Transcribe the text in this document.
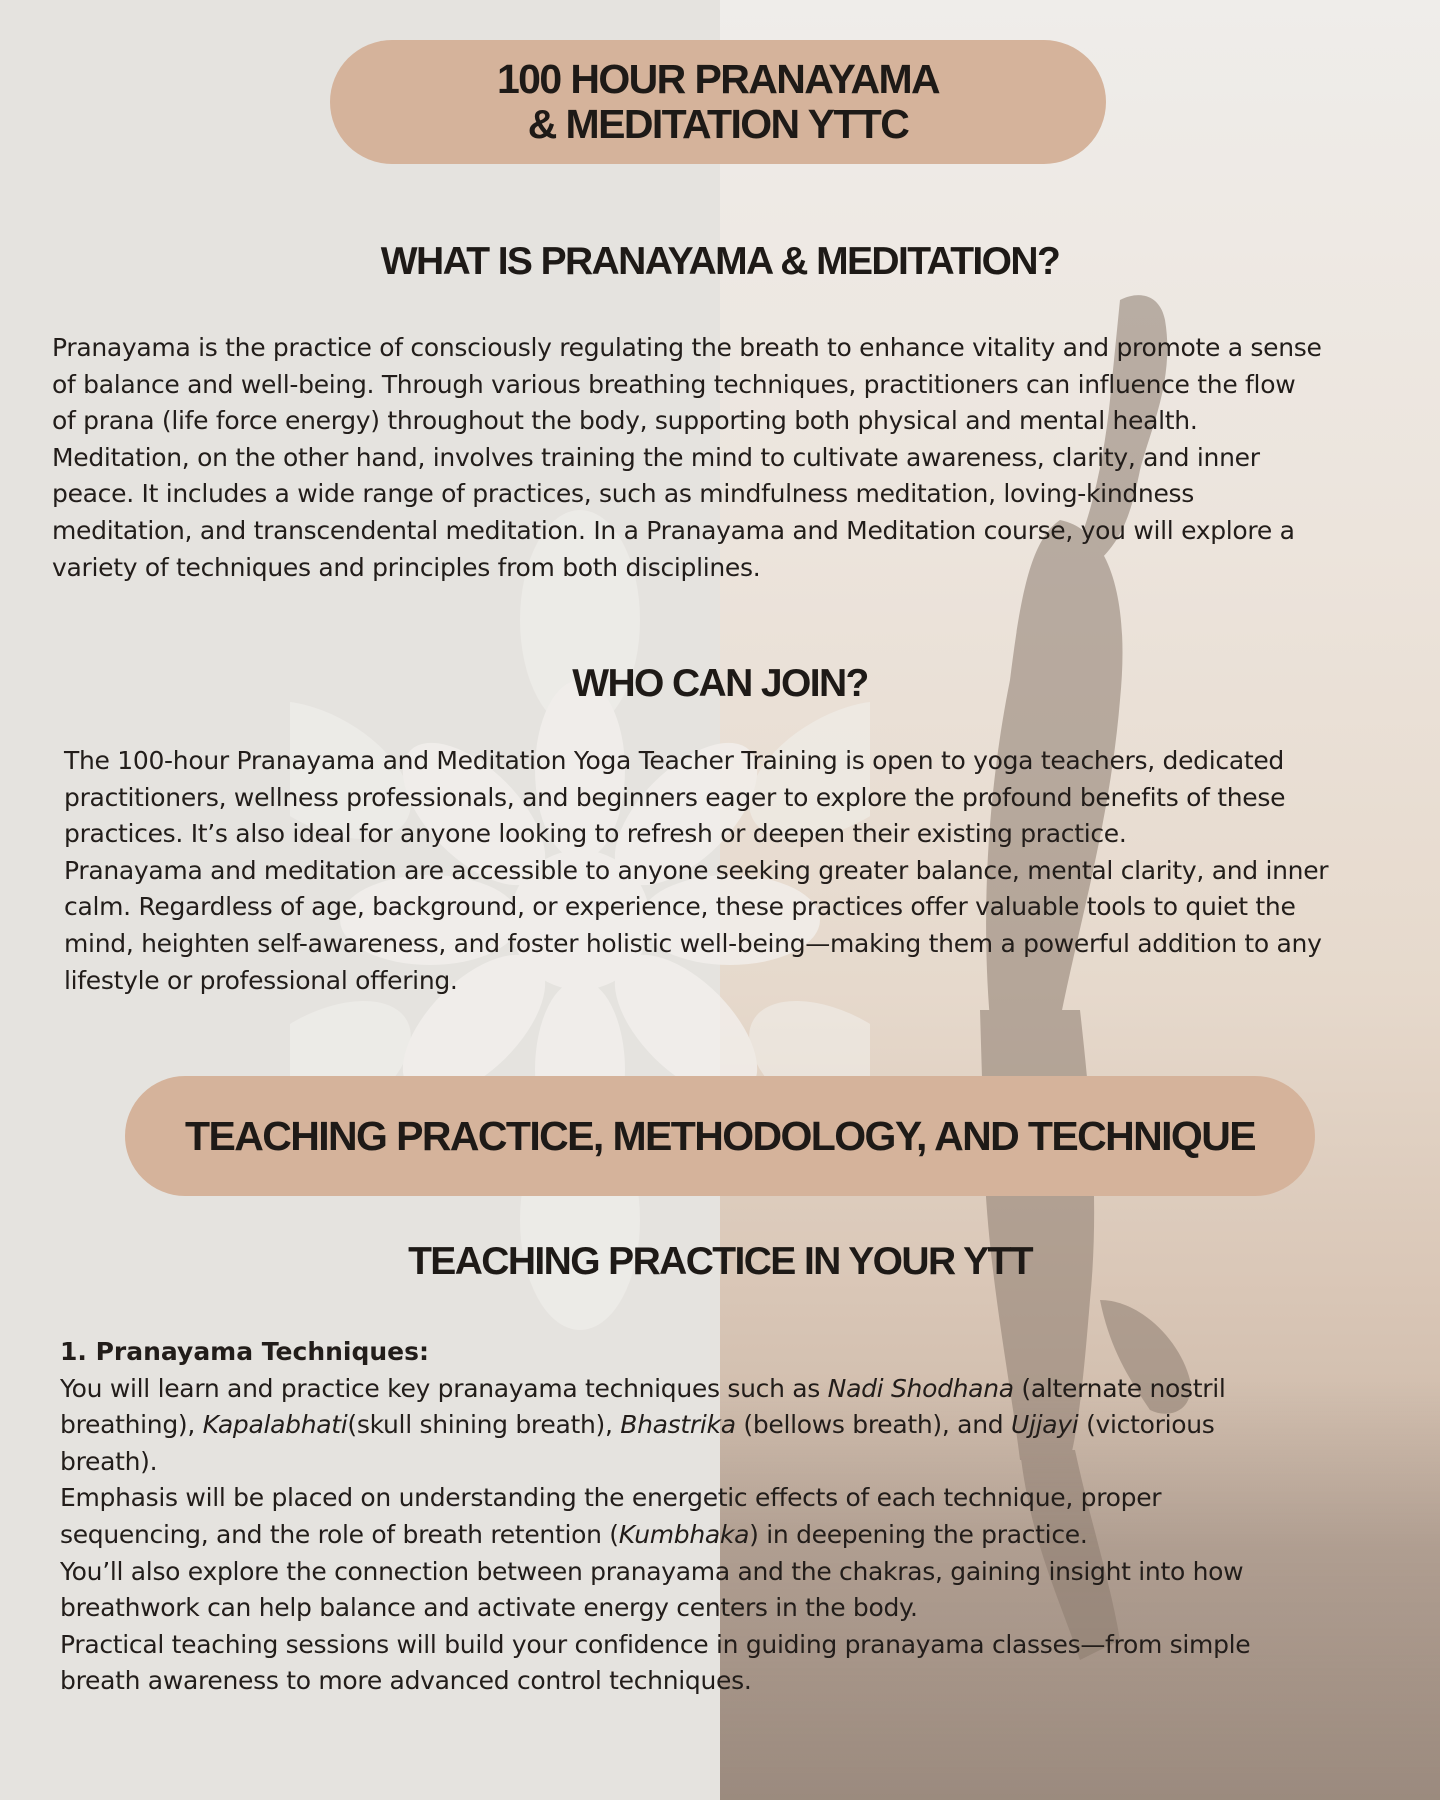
100 HOUR PRANAYAMA
& MEDITATION YTTC
WHAT IS PRANAYAMA & MEDITATION?
Pranayama is the practice of consciously regulating the breath to enhance vitality and promote a sense
of balance and well-being. Through various breathing techniques, practitioners can influence the flow
of prana (life force energy) throughout the body, supporting both physical and mental health.
Meditation, on the other hand, involves training the mind to cultivate awareness, clarity, and inner
peace. It includes a wide range of practices, such as mindfulness meditation, loving-kindness
meditation, and transcendental meditation. In a Pranayama and Meditation course, you will explore a
variety of techniques and principles from both disciplines.
WHO CAN JOIN?
The 100-hour Pranayama and Meditation Yoga Teacher Training is open to yoga teachers, dedicated
practitioners, wellness professionals, and beginners eager to explore the profound benefits of these
practices. It’s also ideal for anyone looking to refresh or deepen their existing practice.
Pranayama and meditation are accessible to anyone seeking greater balance, mental clarity, and inner
calm. Regardless of age, background, or experience, these practices offer valuable tools to quiet the
mind, heighten self-awareness, and foster holistic well-being—making them a powerful addition to any
lifestyle or professional offering.
TEACHING PRACTICE, METHODOLOGY, AND TECHNIQUE
TEACHING PRACTICE IN YOUR YTT
1. Pranayama Techniques:
You will learn and practice key pranayama techniques such as Nadi Shodhana (alternate nostril
breathing), Kapalabhati(skull shining breath), Bhastrika (bellows breath), and Ujjayi (victorious
breath).
Emphasis will be placed on understanding the energetic effects of each technique, proper
sequencing, and the role of breath retention (Kumbhaka) in deepening the practice.
You’ll also explore the connection between pranayama and the chakras, gaining insight into how
breathwork can help balance and activate energy centers in the body.
Practical teaching sessions will build your confidence in guiding pranayama classes—from simple
breath awareness to more advanced control techniques.
